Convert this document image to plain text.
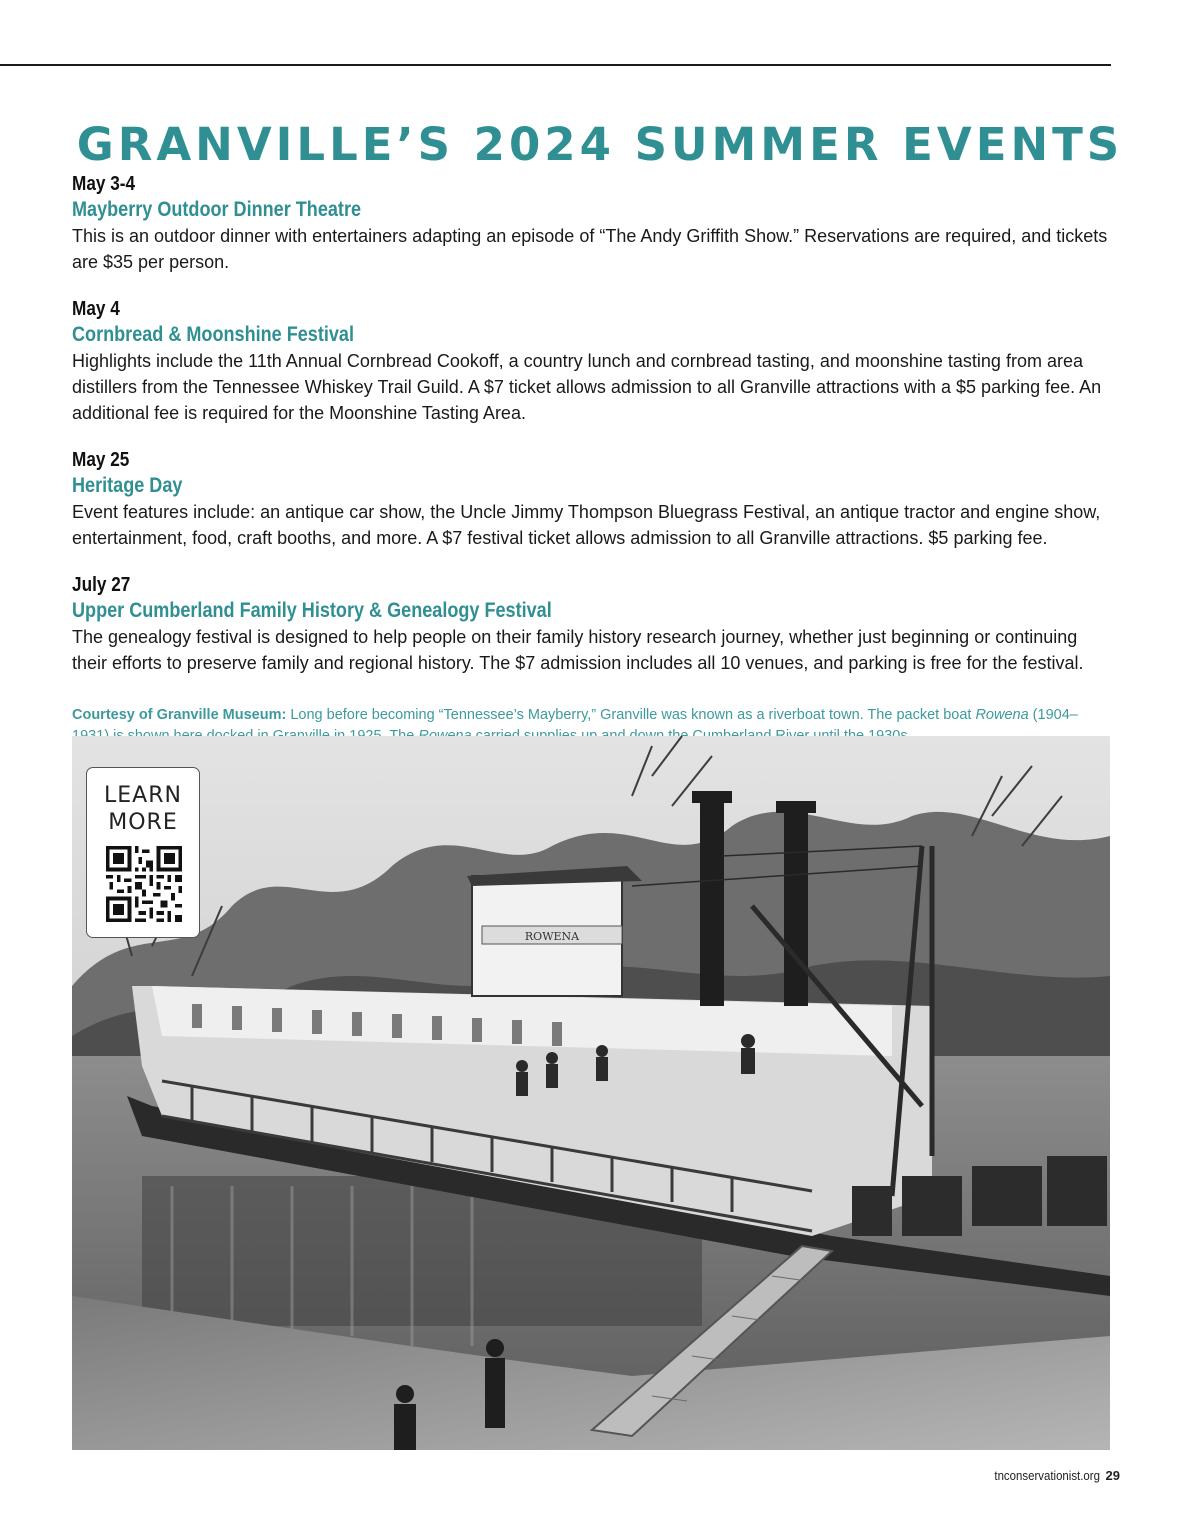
GRANVILLE’S 2024 SUMMER EVENTS
May 3-4
Mayberry Outdoor Dinner Theatre

This is an outdoor dinner with entertainers adapting an episode of “The Andy Griffith Show.” Reservations are required, and tickets are $35 per person.

May 4
Cornbread & Moonshine Festival

Highlights include the 11th Annual Cornbread Cookoff, a country lunch and cornbread tasting, and moonshine tasting from area distillers from the Tennessee Whiskey Trail Guild. A $7 ticket allows admission to all Granville attractions with a $5 parking fee. An additional fee is required for the Moonshine Tasting Area.

May 25
Heritage Day

Event features include: an antique car show, the Uncle Jimmy Thompson Bluegrass Festival, an antique tractor and engine show, entertainment, food, craft booths, and more. A $7 festival ticket allows admission to all Granville attractions. $5 parking fee.

July 27
Upper Cumberland Family History & Genealogy Festival

The genealogy festival is designed to help people on their family history research journey, whether just beginning or continuing their efforts to preserve family and regional history. The $7 admission includes all 10 venues, and parking is free for the festival.

Courtesy of Granville Museum: Long before becoming “Tennessee’s Mayberry,” Granville was known as a riverboat town. The packet boat Rowena (1904–

ROWENA
LEARN
MORE
tnconservationist.org 29
